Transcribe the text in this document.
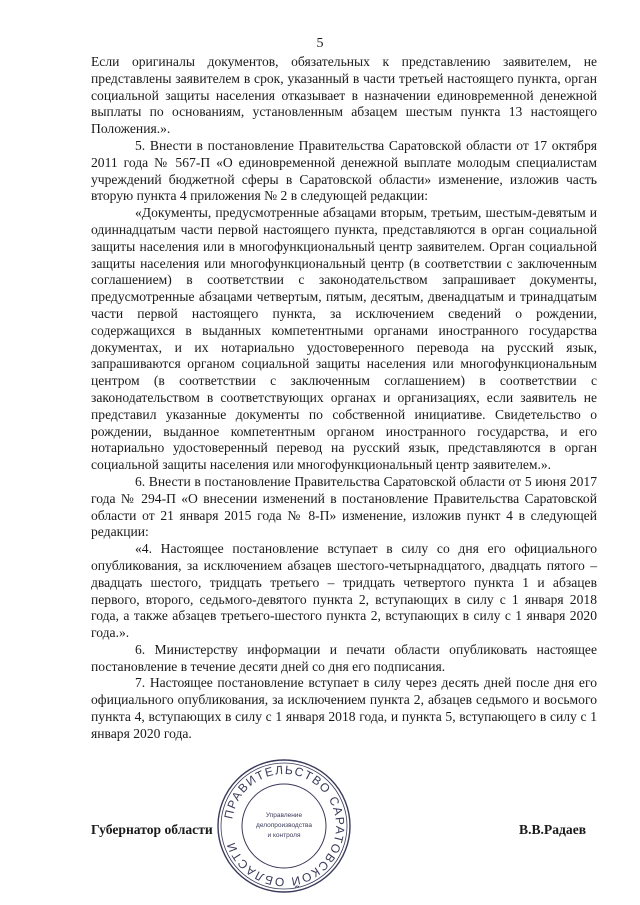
5

Если оригиналы документов, обязательных к представлению заявителем, не представлены заявителем в срок, указанный в части третьей настоящего пункта, орган социальной защиты населения отказывает в назначении единовременной денежной выплаты по основаниям, установленным абзацем шестым пункта 13 настоящего Положения.».

5. Внести в постановление Правительства Саратовской области от 17 октября 2011 года № 567-П «О единовременной денежной выплате молодым специалистам учреждений бюджетной сферы в Саратовской области» изменение, изложив часть вторую пункта 4 приложения № 2 в следующей редакции:

«Документы, предусмотренные абзацами вторым, третьим, шестым-девятым и одиннадцатым части первой настоящего пункта, представляются в орган социальной защиты населения или в многофункциональный центр заявителем. Орган социальной защиты населения или многофункциональный центр (в соответствии с заключенным соглашением) в соответствии с законодательством запрашивает документы, предусмотренные абзацами четвертым, пятым, десятым, двенадцатым и тринадцатым части первой настоящего пункта, за исключением сведений о рождении, содержащихся в выданных компетентными органами иностранного государства документах, и их нотариально удостоверенного перевода на русский язык, запрашиваются органом социальной защиты населения или многофункциональным центром (в соответствии с заключенным соглашением) в соответствии с законодательством в соответствующих органах и организациях, если заявитель не представил указанные документы по собственной инициативе. Свидетельство о рождении, выданное компетентным органом иностранного государства, и его нотариально удостоверенный перевод на русский язык, представляются в орган социальной защиты населения или многофункциональный центр заявителем.».

6. Внести в постановление Правительства Саратовской области от 5 июня 2017 года № 294-П «О внесении изменений в постановление Правительства Саратовской области от 21 января 2015 года № 8-П» изменение, изложив пункт 4 в следующей редакции:

«4. Настоящее постановление вступает в силу со дня его официального опубликования, за исключением абзацев шестого-четырнадцатого, двадцать пятого – двадцать шестого, тридцать третьего – тридцать четвертого пункта 1 и абзацев первого, второго, седьмого-девятого пункта 2, вступающих в силу с 1 января 2018 года, а также абзацев третьего-шестого пункта 2, вступающих в силу с 1 января 2020 года.».

6. Министерству информации и печати области опубликовать настоящее постановление в течение десяти дней со дня его подписания.

7. Настоящее постановление вступает в силу через десять дней после дня его официального опубликования, за исключением пункта 2, абзацев седьмого и восьмого пункта 4, вступающих в силу с 1 января 2018 года, и пункта 5, вступающего в силу с 1 января 2020 года.

Губернатор области	В.В.Радаев
ПРАВИТЕЛЬСТВО САРАТОВСКОЙ ОБЛАСТИ
Управление
делопроизводства
и контроля
